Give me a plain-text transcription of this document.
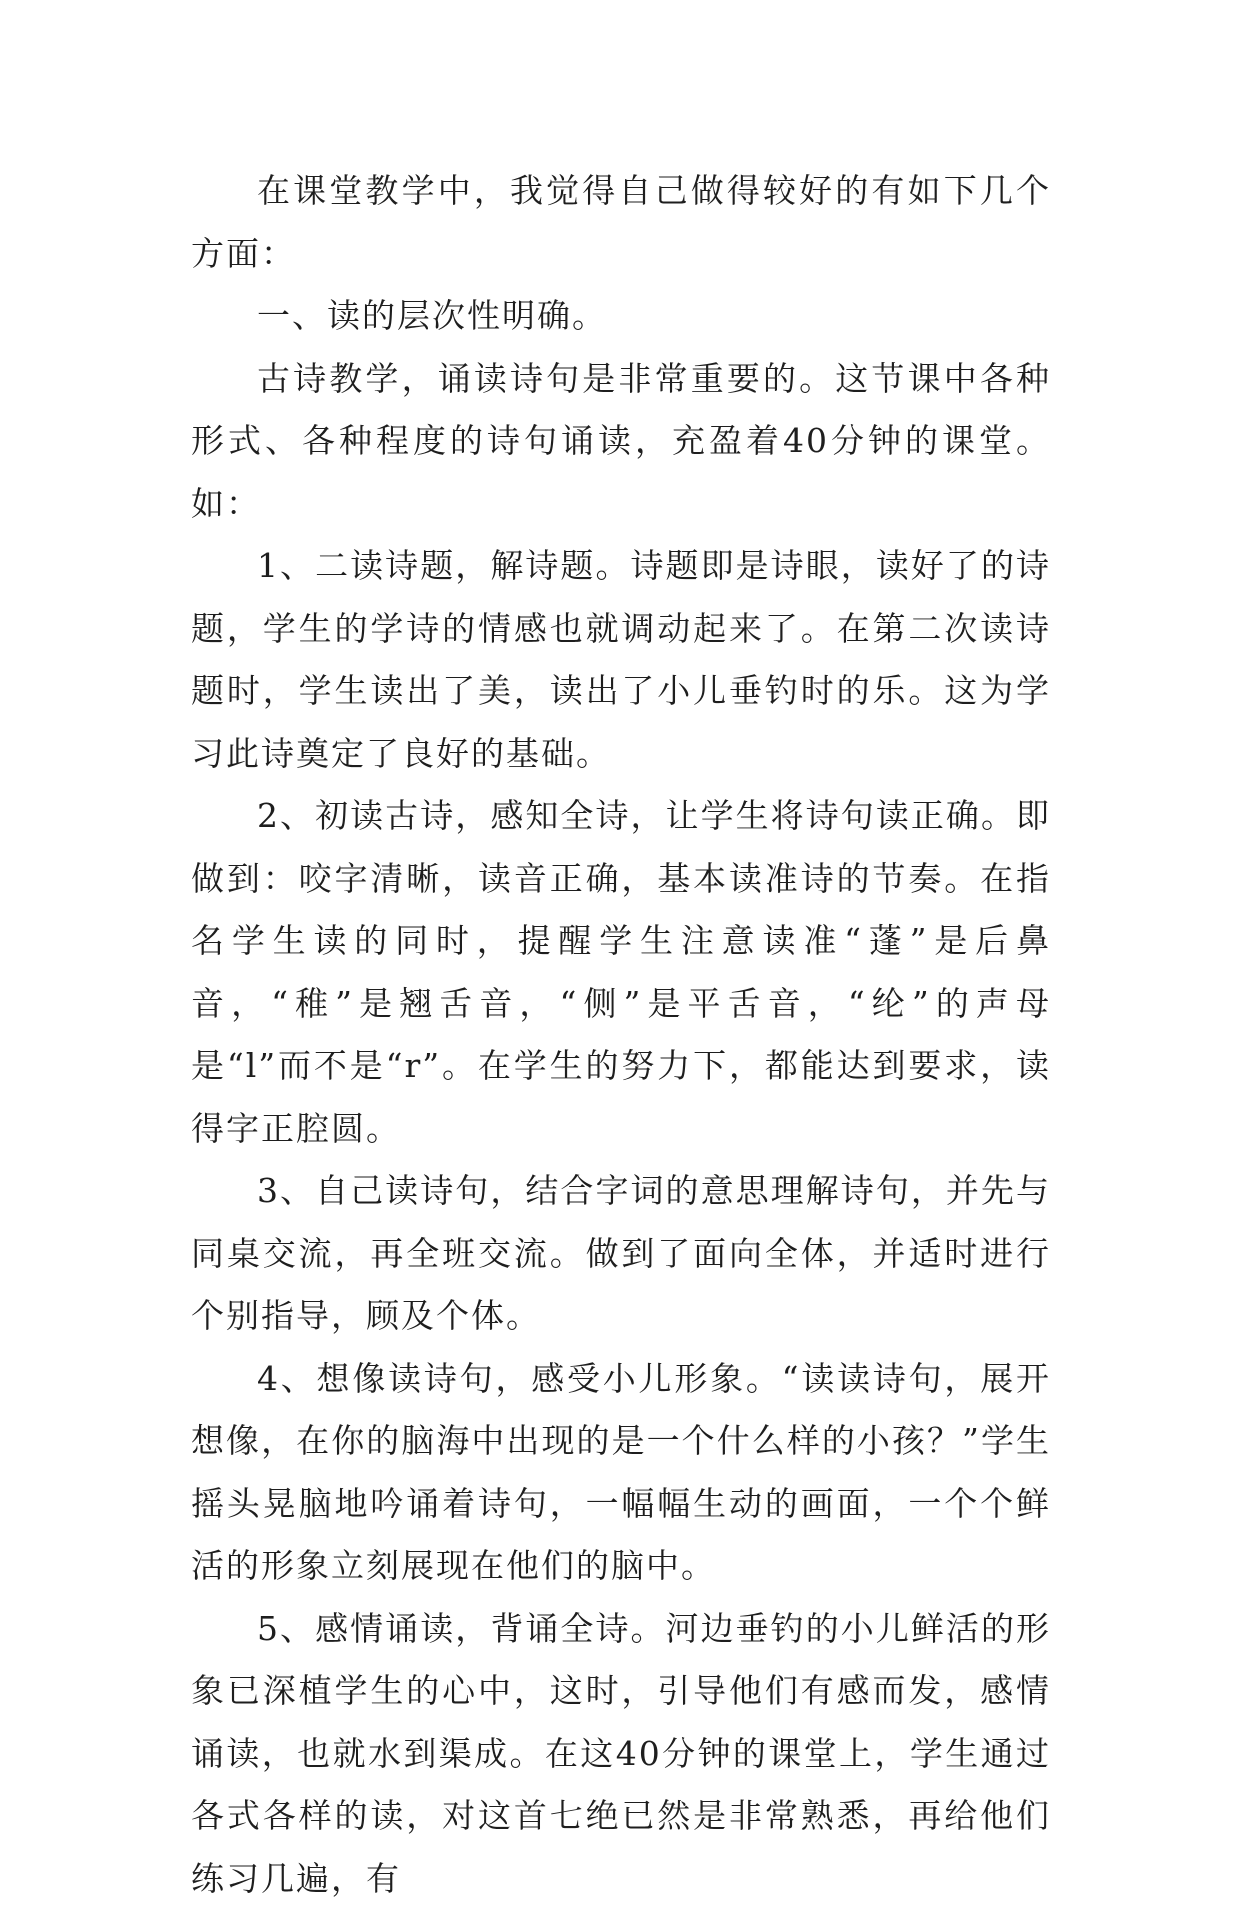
在课堂教学中，我觉得自己做得较好的有如下几个方面：

一、读的层次性明确。

古诗教学，诵读诗句是非常重要的。这节课中各种形式、各种程度的诗句诵读，充盈着40分钟的课堂。如：

1、二读诗题，解诗题。诗题即是诗眼，读好了的诗题，学生的学诗的情感也就调动起来了。在第二次读诗题时，学生读出了美，读出了小儿垂钓时的乐。这为学习此诗奠定了良好的基础。

2、初读古诗，感知全诗，让学生将诗句读正确。即做到：咬字清晰，读音正确，基本读准诗的节奏。在指名学生读的同时，提醒学生注意读准“蓬”是后鼻音，“稚”是翘舌音，“侧”是平舌音，“纶”的声母是“l”而不是“r”。在学生的努力下，都能达到要求，读得字正腔圆。

3、自己读诗句，结合字词的意思理解诗句，并先与同桌交流，再全班交流。做到了面向全体，并适时进行个别指导，顾及个体。

4、想像读诗句，感受小儿形象。“读读诗句，展开想像，在你的脑海中出现的是一个什么样的小孩？”学生摇头晃脑地吟诵着诗句，一幅幅生动的画面，一个个鲜活的形象立刻展现在他们的脑中。

5、感情诵读，背诵全诗。河边垂钓的小儿鲜活的形象已深植学生的心中，这时，引导他们有感而发，感情诵读，也就水到渠成。在这40分钟的课堂上，学生通过各式各样的读，对这首七绝已然是非常熟悉，再给他们练习几遍，有
